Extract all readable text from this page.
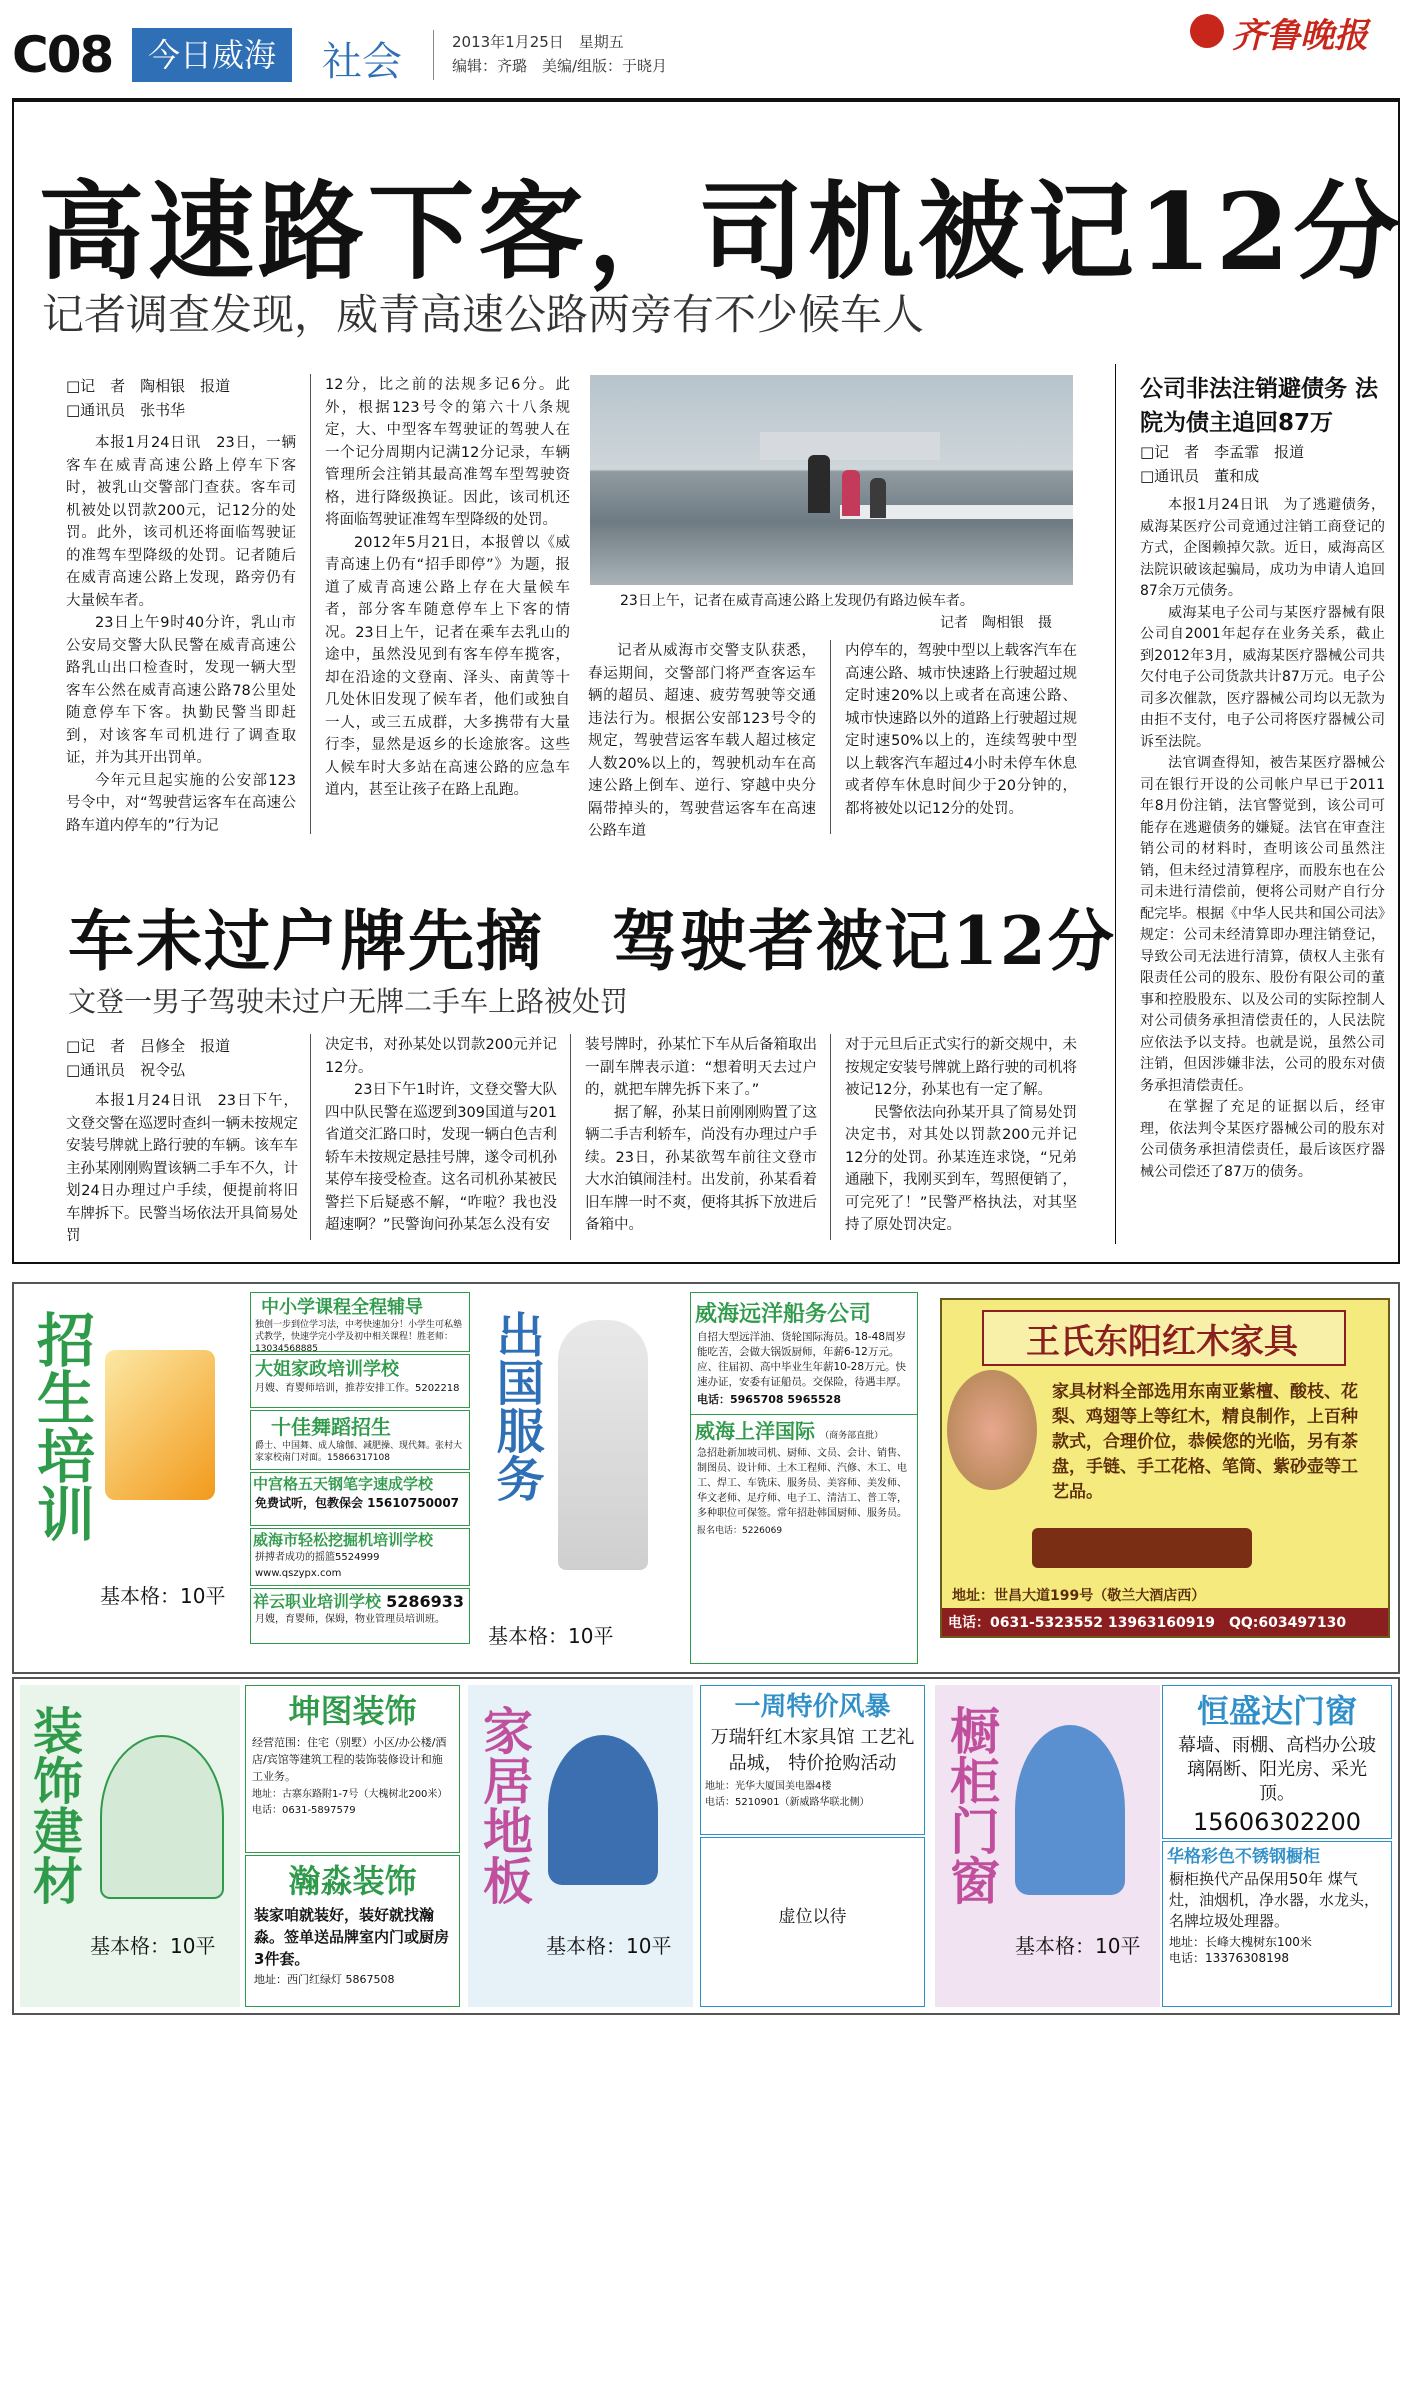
C08	今日威海	社会	2013年1月25日　星期五
编辑：齐璐　美编/组版：于晓月
齐鲁晚报
高速路下客，司机被记12分
记者调查发现，威青高速公路两旁有不少候车人
□记　者　陶相银　报道
□通讯员　张书华

本报1月24日讯　23日，一辆客车在威青高速公路上停车下客时，被乳山交警部门查获。客车司机被处以罚款200元，记12分的处罚。此外，该司机还将面临驾驶证的准驾车型降级的处罚。记者随后在威青高速公路上发现，路旁仍有大量候车者。

23日上午9时40分许，乳山市公安局交警大队民警在威青高速公路乳山出口检查时，发现一辆大型客车公然在威青高速公路78公里处随意停车下客。执勤民警当即赶到，对该客车司机进行了调查取证，并为其开出罚单。

今年元旦起实施的公安部123号令中，对“驾驶营运客车在高速公路车道内停车的”行为记

12分，比之前的法规多记6分。此外，根据123号令的第六十八条规定，大、中型客车驾驶证的驾驶人在一个记分周期内记满12分记录，车辆管理所会注销其最高准驾车型驾驶资格，进行降级换证。因此，该司机还将面临驾驶证准驾车型降级的处罚。

2012年5月21日，本报曾以《威青高速上仍有“招手即停”》为题，报道了威青高速公路上存在大量候车者，部分客车随意停车上下客的情况。23日上午，记者在乘车去乳山的途中，虽然没见到有客车停车揽客，却在沿途的文登南、泽头、南黄等十几处休旧发现了候车者，他们或独自一人，或三五成群，大多携带有大量行李，显然是返乡的长途旅客。这些人候车时大多站在高速公路的应急车道内，甚至让孩子在路上乱跑。

23日上午，记者在威青高速公路上发现仍有路边候车者。
记者　陶相银　摄

记者从威海市交警支队获悉，春运期间，交警部门将严查客运车辆的超员、超速、疲劳驾驶等交通违法行为。根据公安部123号令的规定，驾驶营运客车载人超过核定人数20%以上的，驾驶机动车在高速公路上倒车、逆行、穿越中央分隔带掉头的，驾驶营运客车在高速公路车道

内停车的，驾驶中型以上载客汽车在高速公路、城市快速路上行驶超过规定时速20%以上或者在高速公路、城市快速路以外的道路上行驶超过规定时速50%以上的，连续驾驶中型以上载客汽车超过4小时未停车休息或者停车休息时间少于20分钟的，都将被处以记12分的处罚。

公司非法注销避债务 法院为债主追回87万
□记　者　李孟霏　报道
□通讯员　董和成

本报1月24日讯　为了逃避债务，威海某医疗公司竟通过注销工商登记的方式，企图赖掉欠款。近日，威海高区法院识破该起骗局，成功为申请人追回87余万元债务。

威海某电子公司与某医疗器械有限公司自2001年起存在业务关系，截止到2012年3月，威海某医疗器械公司共欠付电子公司货款共计87万元。电子公司多次催款，医疗器械公司均以无款为由拒不支付，电子公司将医疗器械公司诉至法院。

法官调查得知，被告某医疗器械公司在银行开设的公司帐户早已于2011年8月份注销，法官警觉到，该公司可能存在逃避债务的嫌疑。法官在审查注销公司的材料时，查明该公司虽然注销，但未经过清算程序，而股东也在公司未进行清偿前，便将公司财产自行分配完毕。根据《中华人民共和国公司法》规定：公司未经清算即办理注销登记，导致公司无法进行清算，债权人主张有限责任公司的股东、股份有限公司的董事和控股股东、以及公司的实际控制人对公司债务承担清偿责任的，人民法院应依法予以支持。也就是说，虽然公司注销，但因涉嫌非法，公司的股东对债务承担清偿责任。

在掌握了充足的证据以后，经审理，依法判令某医疗器械公司的股东对公司债务承担清偿责任，最后该医疗器械公司偿还了87万的债务。

车未过户牌先摘　驾驶者被记12分
文登一男子驾驶未过户无牌二手车上路被处罚
□记　者　吕修全　报道
□通讯员　祝令弘

本报1月24日讯　23日下午，文登交警在巡逻时查纠一辆未按规定安装号牌就上路行驶的车辆。该车车主孙某刚刚购置该辆二手车不久，计划24日办理过户手续，便提前将旧车牌拆下。民警当场依法开具简易处罚

决定书，对孙某处以罚款200元并记12分。

23日下午1时许，文登交警大队四中队民警在巡逻到309国道与201省道交汇路口时，发现一辆白色吉利轿车未按规定悬挂号牌，遂令司机孙某停车接受检查。这名司机孙某被民警拦下后疑惑不解，“咋啦？我也没超速啊？”民警询问孙某怎么没有安

装号牌时，孙某忙下车从后备箱取出一副车牌表示道：“想着明天去过户的，就把车牌先拆下来了。”

据了解，孙某日前刚刚购置了这辆二手吉利轿车，尚没有办理过户手续。23日，孙某欲驾车前往文登市大水泊镇闹洼村。出发前，孙某看着旧车牌一时不爽，便将其拆下放进后备箱中。

对于元旦后正式实行的新交规中，未按规定安装号牌就上路行驶的司机将被记12分，孙某也有一定了解。

民警依法向孙某开具了简易处罚决定书，对其处以罚款200元并记12分的处罚。孙某连连求饶，“兄弟通融下，我刚买到车，驾照便销了，可完死了！”民警严格执法，对其坚持了原处罚决定。

招生培训
基本格：10平
中小学课程全程辅导
独创一步到位学习法，中考快速加分！小学生可私塾式教学，快速学完小学及初中相关课程！胜老师：13034568885
大姐家政培训学校
月嫂、育婴师培训，推荐安排工作。5202218
十佳舞蹈招生
爵士、中国舞、成人瑜伽、减肥操、现代舞。张村大家家校南门对面。15866317108
中宫格五天钢笔字速成学校
免费试听，包教保会 15610750007
威海市轻松挖掘机培训学校
拼搏者成功的摇篮5524999 www.qszypx.com
祥云职业培训学校 5286933
月嫂，育婴师，保姆，物业管理员培训班。
出国服务
基本格：10平
威海远洋船务公司
自招大型远洋油、货轮国际海员。18-48周岁能吃苦，会做大锅饭厨师，年薪6-12万元。应、往届初、高中毕业生年薪10-28万元。快速办证，安委有证船员。交保险，待遇丰厚。
电话：5965708 5965528
威海上洋国际 （商务部直批）
急招赴新加坡司机、厨师、文员、会计、销售、制图员、设计师、土木工程师、汽修、木工、电工、焊工、车铣床、服务员、美容师、美发师、华文老师、足疗师、电子工、清洁工、普工等，多种职位可保签。常年招赴韩国厨师、服务员。
报名电话：5226069
王氏东阳红木家具
家具材料全部选用东南亚紫檀、酸枝、花梨、鸡翅等上等红木，精良制作，上百种款式，合理价位，恭候您的光临，另有茶盘，手链、手工花格、笔筒、紫砂壶等工艺品。
地址：世昌大道199号（敬兰大酒店西）
电话：0631-5323552 13963160919　QQ:603497130
装饰建材
基本格：10平
坤图装饰
经营范围：住宅（别墅）小区/办公楼/酒店/宾馆等建筑工程的装饰装修设计和施工业务。
地址：古寨东路附1-7号（大槐树北200米）
电话：0631-5897579
瀚淼装饰
装家咱就装好，装好就找瀚淼。签单送品牌室内门或厨房3件套。
地址：西门红绿灯 5867508
家居地板
基本格：10平
一周特价风暴
万瑞轩红木家具馆 工艺礼品城， 特价抢购活动
地址：光华大厦国美电器4楼
电话：5210901（新威路华联北侧）
虚位以待
橱柜门窗
基本格：10平
恒盛达门窗
幕墙、雨棚、高档办公玻璃隔断、阳光房、采光顶。
15606302200
华格彩色不锈钢橱柜
橱柜换代产品保用50年 煤气灶，油烟机，净水器，水龙头，名牌垃圾处理器。
地址：长峰大槐树东100米
电话：13376308198
